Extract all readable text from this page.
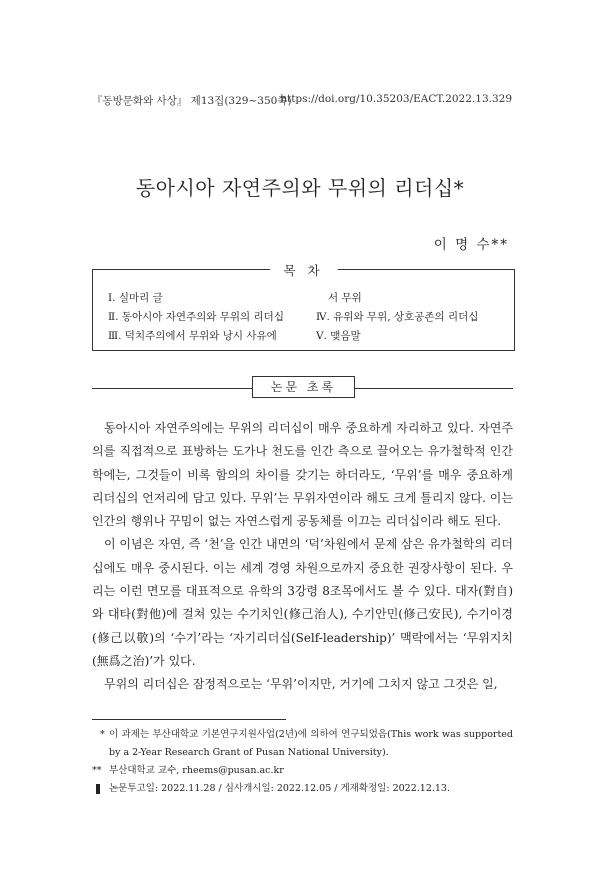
『동방문화와 사상』 제13집(329~350쪽)
https://doi.org/10.35203/EACT.2022.13.329
동아시아 자연주의와 무위의 리더십*
이 명 수**
목 차
Ⅰ. 실마리 글
Ⅱ. 동아시아 자연주의와 무위의 리더십
Ⅲ. 덕치주의에서 무위와 낭시 사유에
서 무위
Ⅳ. 유위와 무위, 상호공존의 리더십
Ⅴ. 맺음말
논문 초록

동아시아 자연주의에는 무위의 리더십이 매우 중요하게 자리하고 있다. 자연주의를 직접적으로 표방하는 도가나 천도를 인간 측으로 끌어오는 유가철학적 인간학에는, 그것들이 비록 함의의 차이를 갖기는 하더라도, ‘무위’를 매우 중요하게 리더십의 언저리에 담고 있다. 무위’는 무위자연이라 해도 크게 틀리지 않다. 이는 인간의 행위나 꾸밈이 없는 자연스럽게 공동체를 이끄는 리더십이라 해도 된다.

이 이념은 자연, 즉 ‘천’을 인간 내면의 ‘덕’차원에서 문제 삼은 유가철학의 리더십에도 매우 중시된다. 이는 세계 경영 차원으로까지 중요한 권장사항이 된다. 우리는 이런 면모를 대표적으로 유학의 3강령 8조목에서도 볼 수 있다. 대자(對自)와 대타(對他)에 걸쳐 있는 수기치인(修己治人), 수기안민(修己安民), 수기이경(修己以敬)의 ‘수기’라는 ‘자기리더십(Self-leadership)’ 맥락에서는 ‘무위지치(無爲之治)’가 있다.

무위의 리더십은 잠정적으로는 ‘무위’이지만, 거기에 그치지 않고 그것은 일,

* 이 과제는 부산대학교 기본연구지원사업(2년)에 의하여 연구되었음(This work was supported by a 2-Year Research Grant of Pusan National University).
** 부산대학교 교수, rheems@pusan.ac.kr
논문투고일: 2022.11.28 / 심사개시일: 2022.12.05 / 게재확정일: 2022.12.13.
